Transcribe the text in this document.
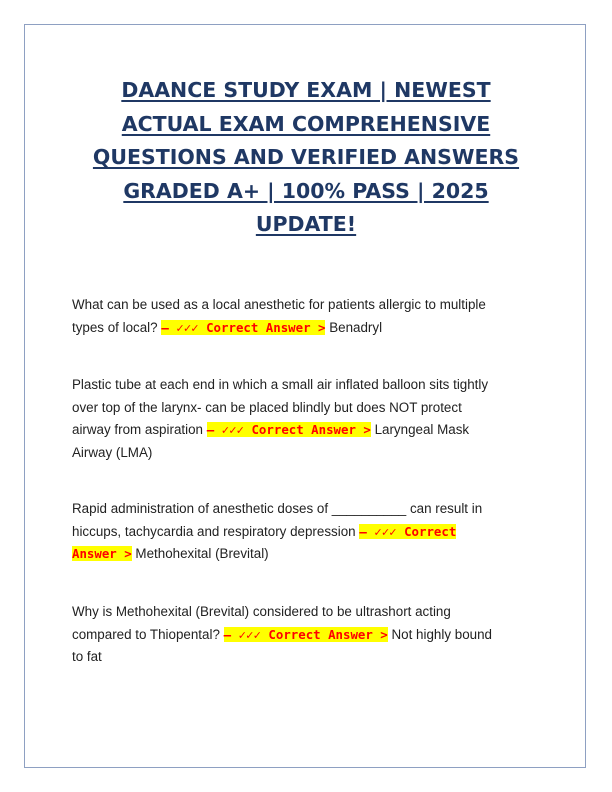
DAANCE STUDY EXAM | NEWEST
ACTUAL EXAM COMPREHENSIVE
QUESTIONS AND VERIFIED ANSWERS
GRADED A+ | 100% PASS | 2025
UPDATE!
What can be used as a local anesthetic for patients allergic to multiple
types of local? – ✓✓✓ Correct Answer > Benadryl
Plastic tube at each end in which a small air inflated balloon sits tightly
over top of the larynx- can be placed blindly but does NOT protect
airway from aspiration – ✓✓✓ Correct Answer > Laryngeal Mask
Airway (LMA)
Rapid administration of anesthetic doses of __________ can result in
hiccups, tachycardia and respiratory depression – ✓✓✓ Correct
Answer > Methohexital (Brevital)
Why is Methohexital (Brevital) considered to be ultrashort acting
compared to Thiopental? – ✓✓✓ Correct Answer > Not highly bound
to fat
